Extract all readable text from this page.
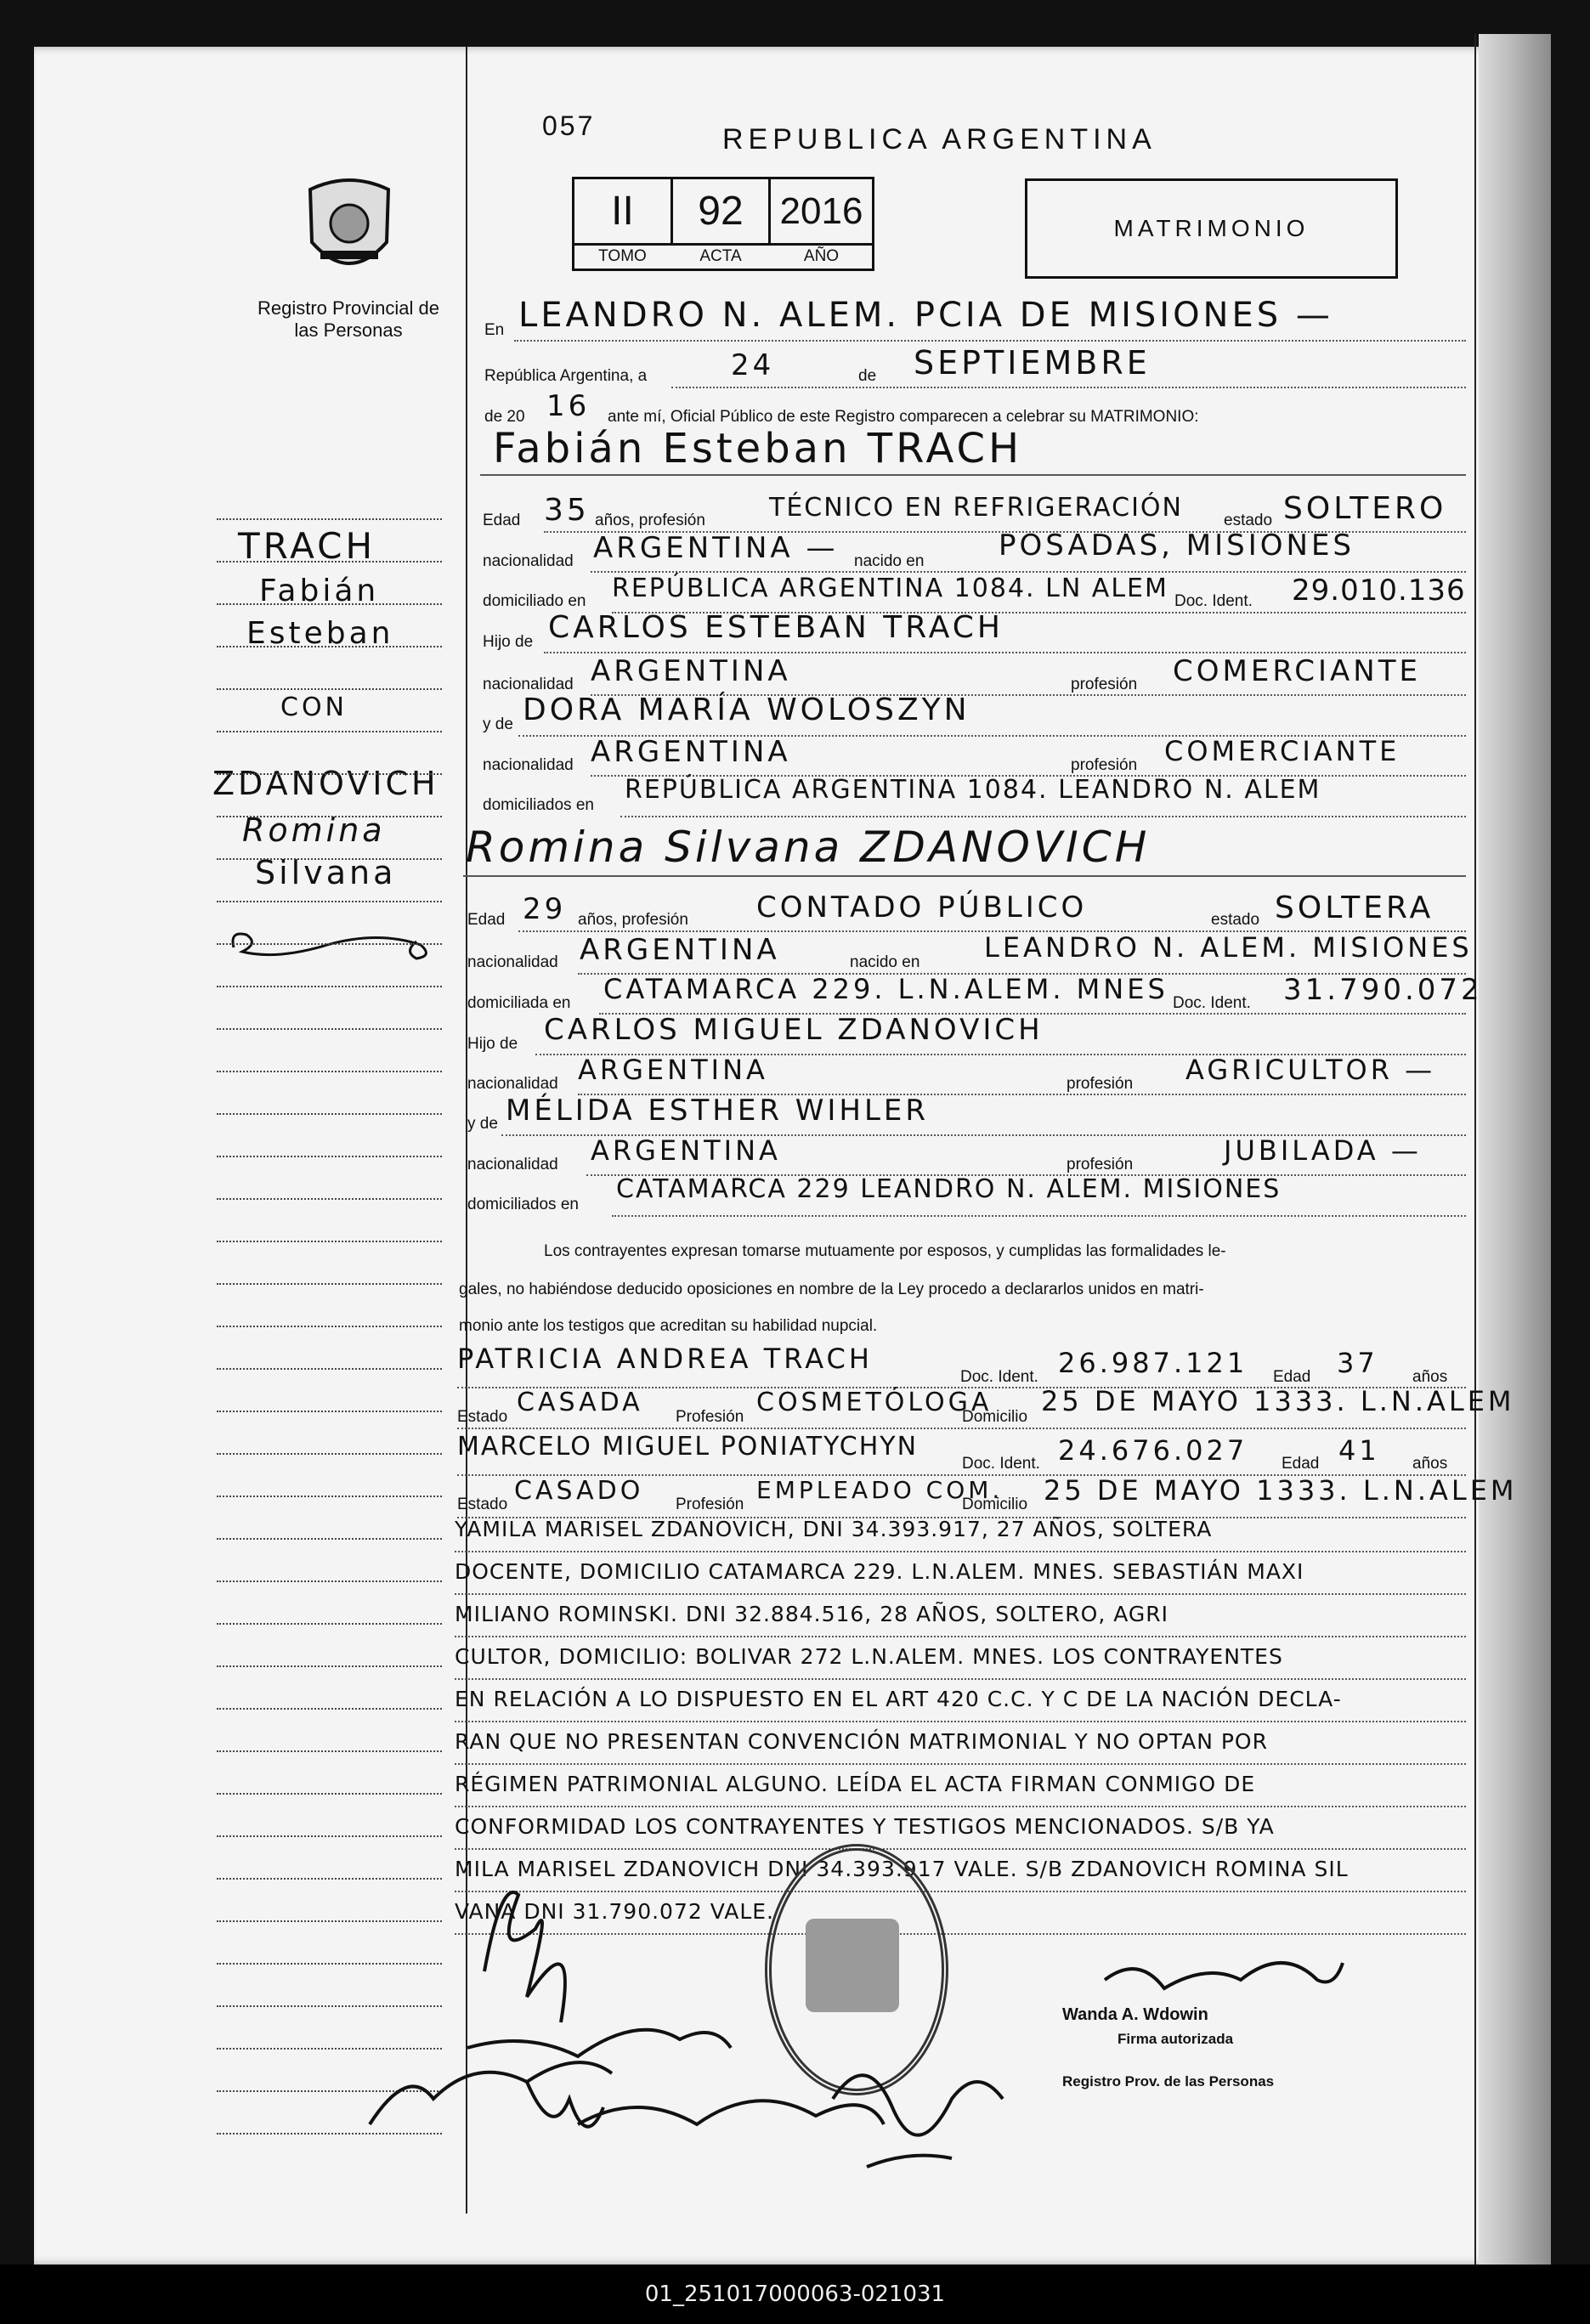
057	REPUBLICA ARGENTINA
II	92 2016
TOMO	ACTA	AÑO
MATRIMONIO
Registro Provincial de las Personas
TRACH
Fabián
Esteban
CON
ZDANOVICH
Romina
Silvana
En LEANDRO N. ALEM. PCIA DE MISIONES —
República Argentina, a	24	de SEPTIEMBRE
de 20 16 ante mí, Oficial Público de este Registro comparecen a celebrar su MATRIMONIO:
Fabián Esteban TRACH
Edad 35 años, profesión	TÉCNICO EN REFRIGERACIÓN	estado SOLTERO
nacionalidad ARGENTINA — nacido en	POSADAS, MISIONES
domiciliado en REPÚBLICA ARGENTINA 1084. LN ALEM Doc. Ident. 29.010.136
Hijo de CARLOS ESTEBAN TRACH
nacionalidad ARGENTINA	profesión COMERCIANTE
y de DORA MARÍA WOLOSZYN
nacionalidad ARGENTINA	profesión COMERCIANTE
domiciliados en
REPÚBLICA ARGENTINA 1084. LEANDRO N. ALEM
Romina Silvana ZDANOVICH
Edad 29 años, profesión CONTADO PÚBLICO	estado SOLTERA
nacionalidad ARGENTINA	nacido en LEANDRO N. ALEM. MISIONES
domiciliada en CATAMARCA 229. L.N.ALEM. MNES Doc. Ident. 31.790.072
Hijo de CARLOS MIGUEL ZDANOVICH
nacionalidad ARGENTINA	profesión AGRICULTOR —
y de MÉLIDA ESTHER WIHLER
nacionalidad ARGENTINA	profesión	JUBILADA —
domiciliados en
CATAMARCA 229 LEANDRO N. ALEM. MISIONES
Los contrayentes expresan tomarse mutuamente por esposos, y cumplidas las formalidades le-
gales, no habiéndose deducido oposiciones en nombre de la Ley procedo a declararlos unidos en matri-
monio ante los testigos que acreditan su habilidad nupcial.
PATRICIA ANDREA TRACH
Doc. Ident. 26.987.121 Edad 37 años
Estado CASADA Profesión COSMETÓLOGA
Domicilio 25 DE MAYO 1333. L.N.ALEM
MARCELO MIGUEL PONIATYCHYN
Doc. Ident. 24.676.027 Edad 41 años
Estado CASADO Profesión
EMPLEADO COM.
Domicilio 25 DE MAYO 1333. L.N.ALEM
YAMILA MARISEL ZDANOVICH, DNI 34.393.917, 27 AÑOS, SOLTERA
DOCENTE, DOMICILIO CATAMARCA 229. L.N.ALEM. MNES. SEBASTIÁN MAXI
MILIANO ROMINSKI. DNI 32.884.516, 28 AÑOS, SOLTERO, AGRI
CULTOR, DOMICILIO: BOLIVAR 272 L.N.ALEM. MNES. LOS CONTRAYENTES
EN RELACIÓN A LO DISPUESTO EN EL ART 420 C.C. Y C DE LA NACIÓN DECLA-
RAN QUE NO PRESENTAN CONVENCIÓN MATRIMONIAL Y NO OPTAN POR
RÉGIMEN PATRIMONIAL ALGUNO. LEÍDA EL ACTA FIRMAN CONMIGO DE
CONFORMIDAD LOS CONTRAYENTES Y TESTIGOS MENCIONADOS. S/B YA
MILA MARISEL ZDANOVICH DNI 34.393.917 VALE. S/B ZDANOVICH ROMINA SIL
VANA DNI 31.790.072 VALE.
Wanda A. Wdowin
Firma autorizada
Registro Prov. de las Personas
01_251017000063-021031
